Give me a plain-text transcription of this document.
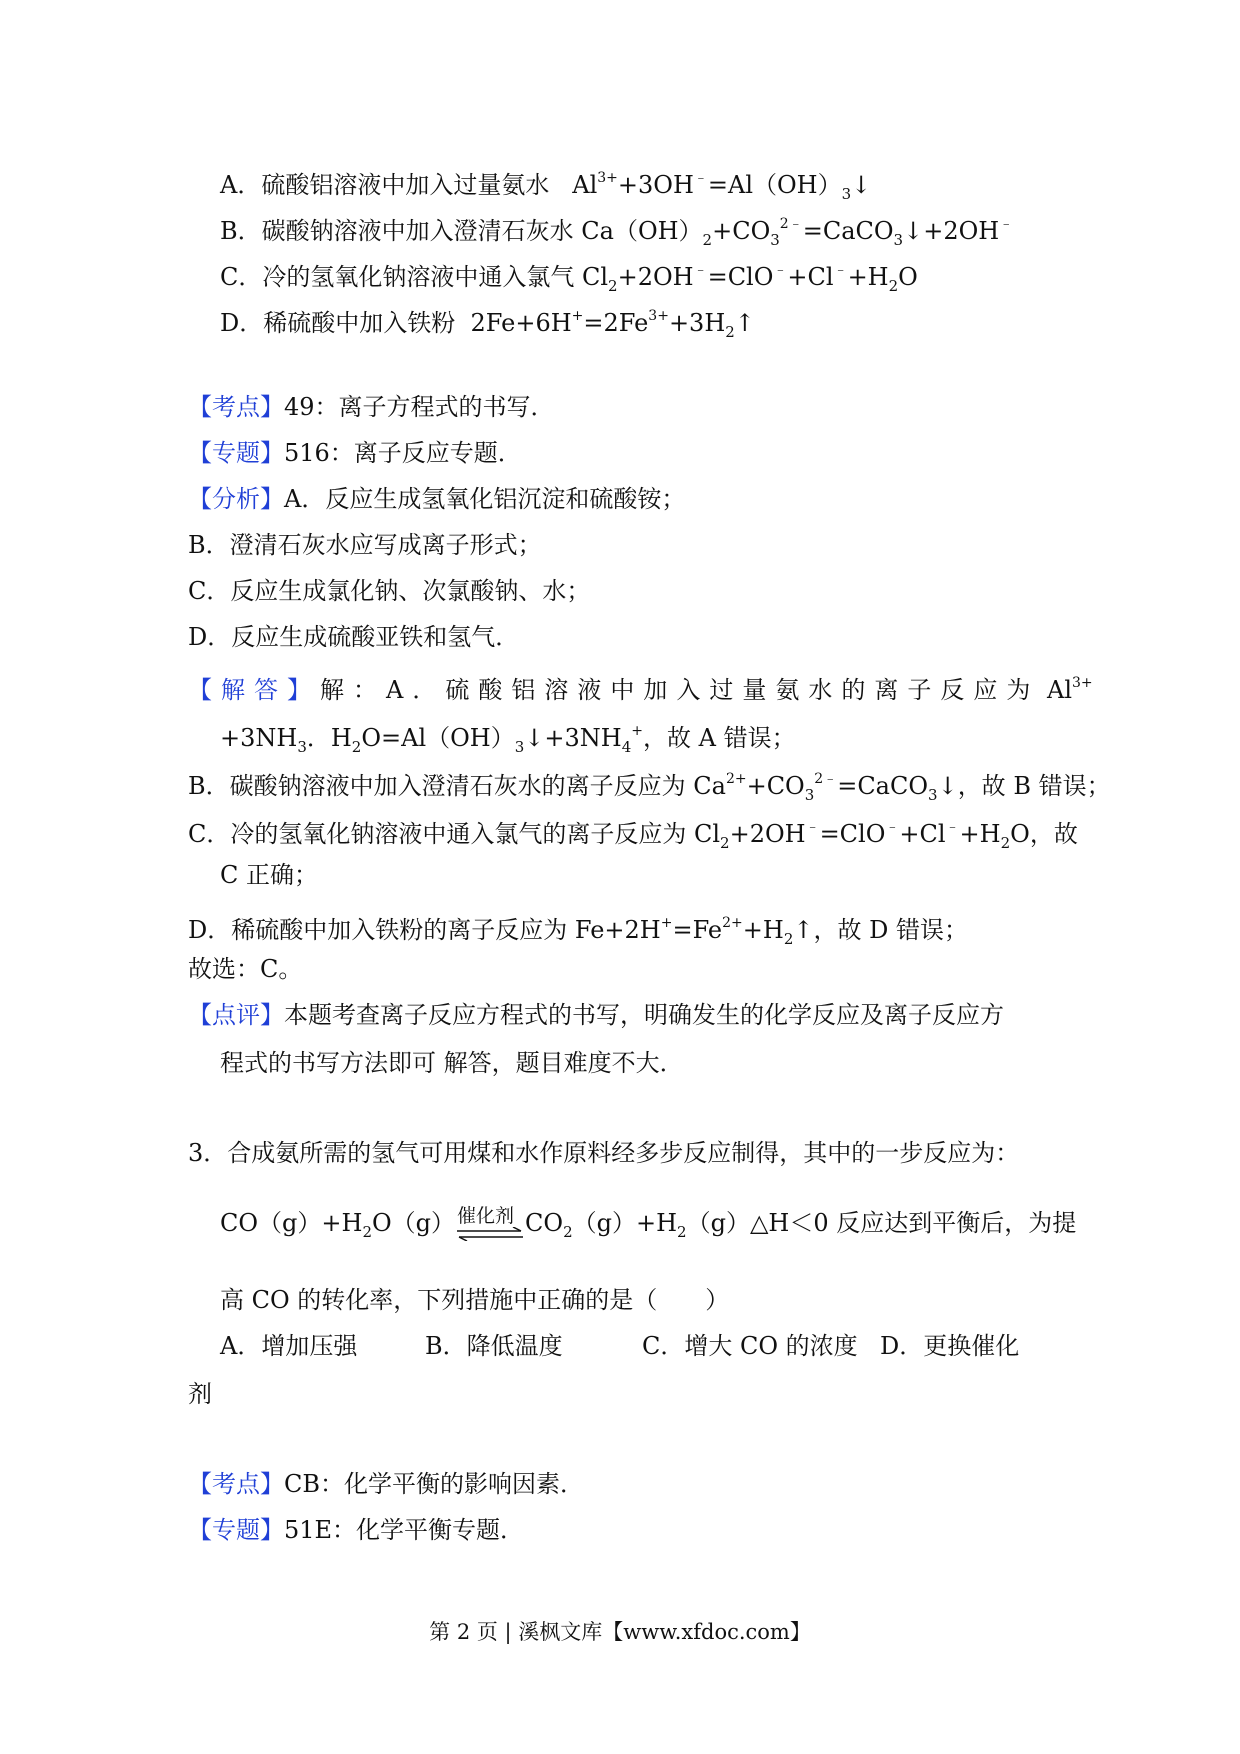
A．硫酸铝溶液中加入过量氨水 $Al^{3+}+3OH^﹣=Al(OH)_3↓$
B．碳酸钠溶液中加入澄清石灰水 $Ca(OH)_2+CO_3^{2﹣}=CaCO_3↓+2OH^﹣$
C．冷的氢氧化钠溶液中通入氯气 $Cl_2+2OH^﹣=ClO^﹣+Cl^﹣+H_2O$
D．稀硫酸中加入铁粉 $2Fe+6H^+=2Fe^{3+}+3H_2↑$
【考点】49：离子方程式的书写．
【专题】516：离子反应专题．
【分析】A．反应生成氢氧化铝沉淀和硫酸铵；
B．澄清石灰水应写成离子形式；
C．反应生成氯化钠、次氯酸钠、水；
D．反应生成硫酸亚铁和氢气．
【解答】解：A．硫酸铝溶液中加入过量氨水的离子反应为 $Al^{3+}$
$+3NH_3$．$H_2O=Al(OH)_3↓+3NH_4^+$，故 A 错误；
B．碳酸钠溶液中加入澄清石灰水的离子反应为 $Ca^{2+}+CO_3^{2﹣}=CaCO_3↓$，故 B 错误；
C．冷的氢氧化钠溶液中通入氯气的离子反应为 $Cl_2+2OH^﹣=ClO^﹣+Cl^﹣+H_2O$，故
C 正确；
D．稀硫酸中加入铁粉的离子反应为 $Fe+2H^+=Fe^{2+}+H_2↑$，故 D 错误；
故选：C。
【点评】本题考查离子反应方程式的书写，明确发生的化学反应及离子反应方
程式的书写方法即可 解答，题目难度不大．
3．合成氨所需的氢气可用煤和水作原料经多步反应制得，其中的一步反应为：
$CO(g)+H_2O(g)$ 催化剂 $CO_2(g)+H_2(g)\triangle H<0$ 反应达到平衡后，为提
高 CO 的转化率，下列措施中正确的是（　　）
A．增加压强	B．降低温度	C．增大 CO 的浓度 D．更换催化
剂
【考点】CB：化学平衡的影响因素．
【专题】51E：化学平衡专题．
第 2 页 | 溪枫文库【www.xfdoc.com】
